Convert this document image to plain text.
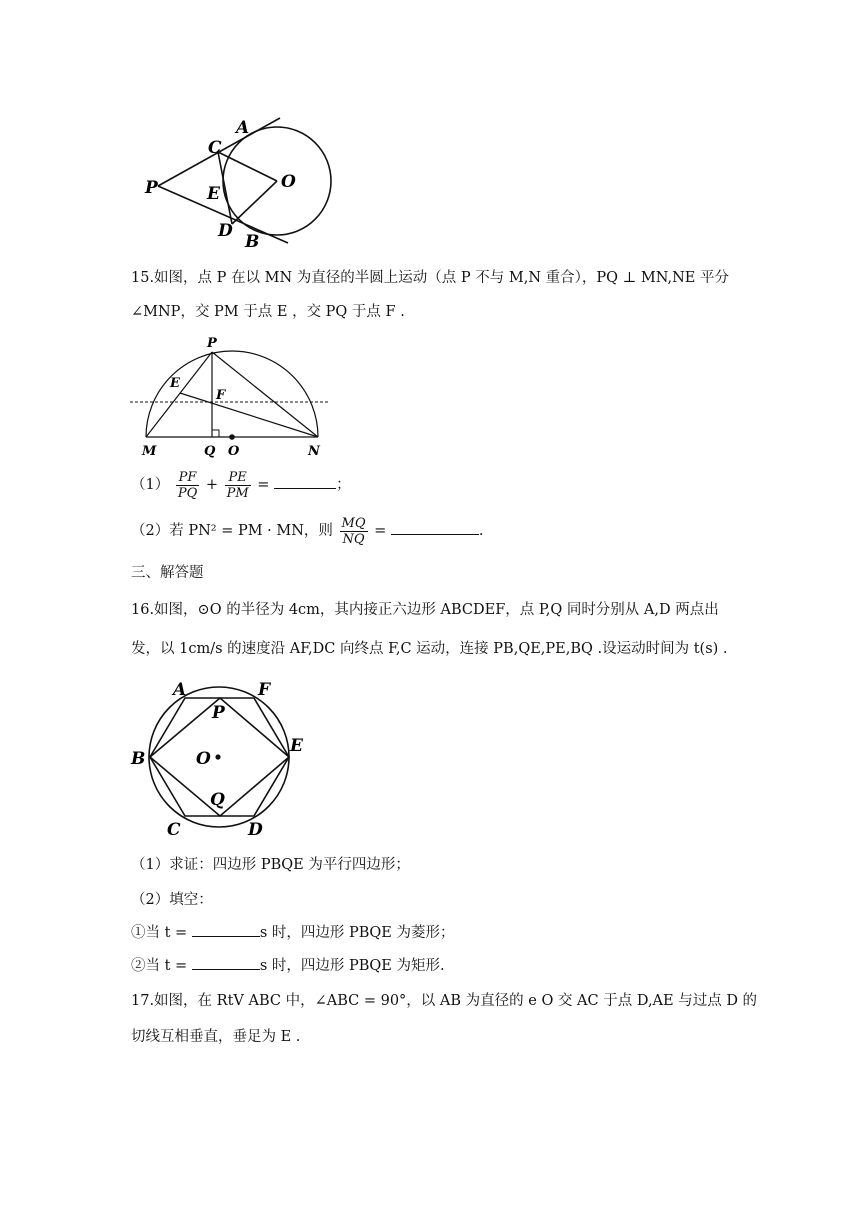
A
C
P	E
O
D
B
15.如图，点 P 在以 MN 为直径的半圆上运动（点 P 不与 M,N 重合），PQ ⊥ MN,NE 平分
∠MNP，交 PM 于点 E ，交 PQ 于点 F .
P
E
F
M	Q O	N
$(1) \frac{PF}{PQ} + \frac{PE}{PM}$ =	；
（2）若 PN² = PM · MN，则 $\frac{MQ}{NQ}$ =	.
三、解答题
16.如图，⊙O 的半径为 4cm，其内接正六边形 ABCDEF，点 P,Q 同时分别从 A,D 两点出
发，以 1cm/s 的速度沿 AF,DC 向终点 F,C 运动，连接 PB,QE,PE,BQ .设运动时间为 t(s) .
A	F
P
B	O
E
Q
C	D
（1）求证：四边形 PBQE 为平行四边形；
（2）填空：
①当 t =	s 时，四边形 PBQE 为菱形；
②当 t =	s 时，四边形 PBQE 为矩形.
17.如图，在 RtV ABC 中，∠ABC = 90°，以 AB 为直径的 e O 交 AC 于点 D,AE 与过点 D 的
切线互相垂直，垂足为 E .
